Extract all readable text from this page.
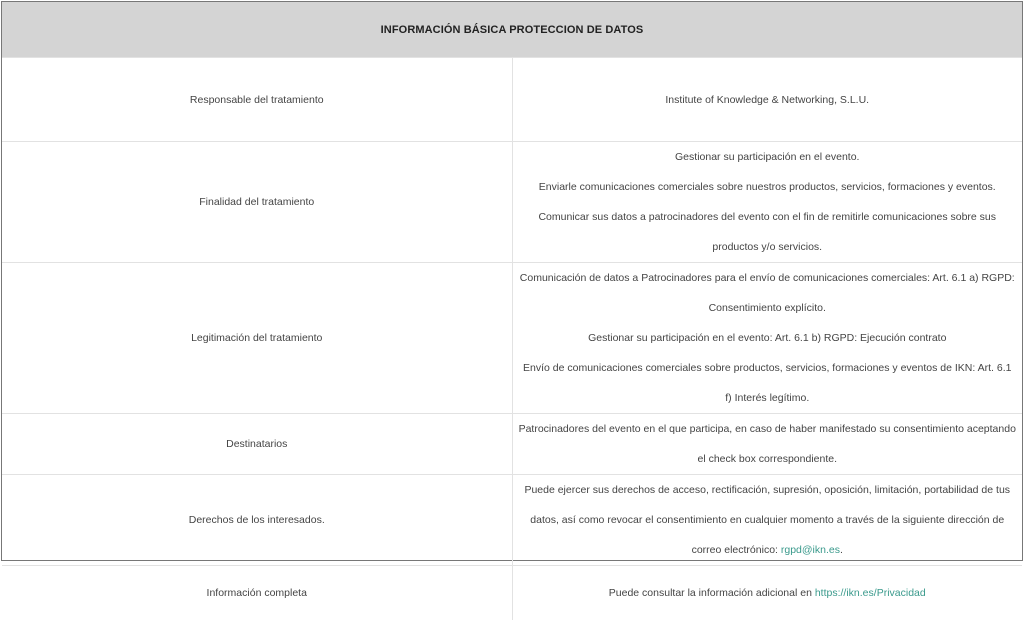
INFORMACIÓN BÁSICA PROTECCION DE DATOS	
Responsable del tratamiento	Institute of Knowledge & Networking, S.L.U.

Finalidad del tratamiento	Gestionar su participación en el evento.
Enviarle comunicaciones comerciales sobre nuestros productos, servicios, formaciones y eventos.
Comunicar sus datos a patrocinadores del evento con el fin de remitirle comunicaciones sobre sus productos y/o servicios.

Legitimación del tratamiento	Comunicación de datos a Patrocinadores para el envío de comunicaciones comerciales: Art. 6.1 a) RGPD: Consentimiento explícito.
Gestionar su participación en el evento: Art. 6.1 b) RGPD: Ejecución contrato
Envío de comunicaciones comerciales sobre productos, servicios, formaciones y eventos de IKN: Art. 6.1 f) Interés legítimo.

Destinatarios	Patrocinadores del evento en el que participa, en caso de haber manifestado su consentimiento aceptando el check box correspondiente.

Derechos de los interesados.	Puede ejercer sus derechos de acceso, rectificación, supresión, oposición, limitación, portabilidad de tus datos, así como revocar el consentimiento en cualquier momento a través de la siguiente dirección de correo electrónico: rgpd@ikn.es.

Información completa	Puede consultar la información adicional en https://ikn.es/Privacidad
